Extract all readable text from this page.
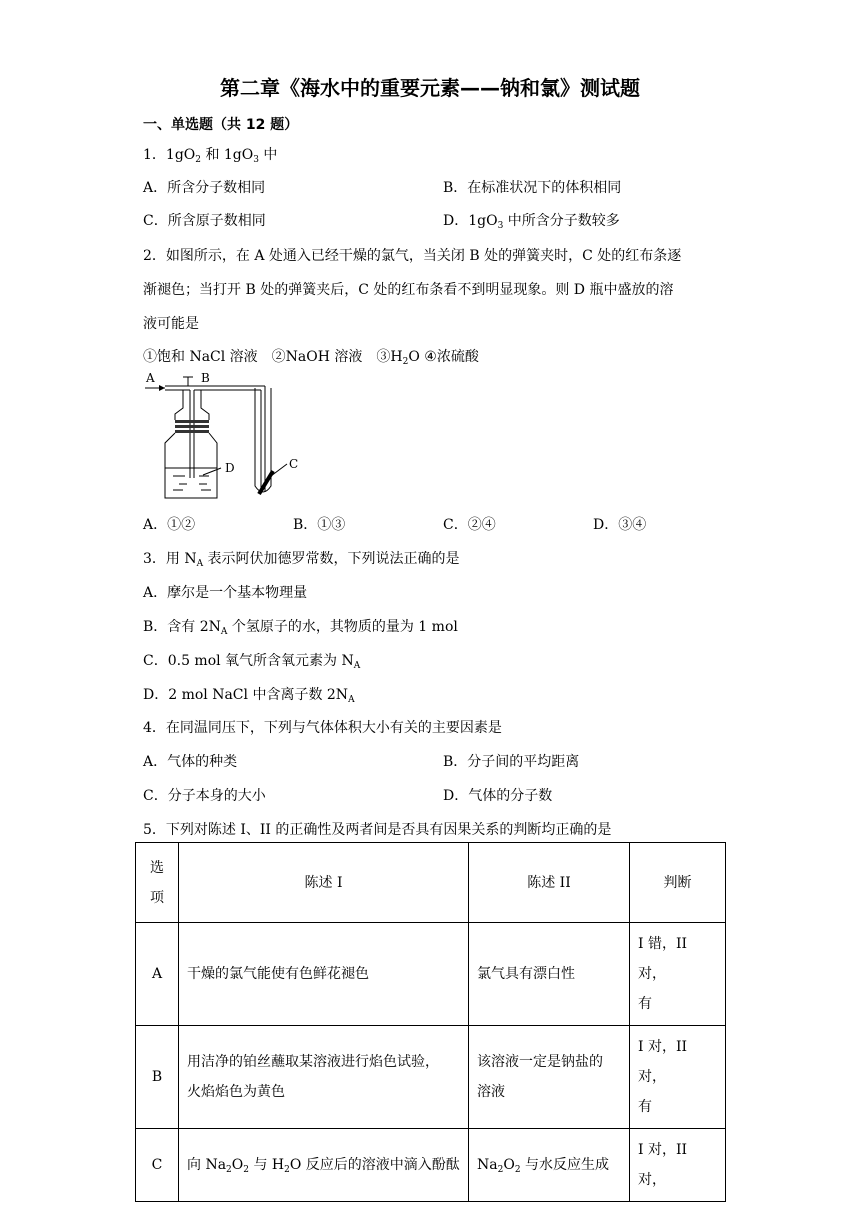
第二章《海水中的重要元素——钠和氯》测试题
一、单选题（共 12 题）
1．$1gO_2$ 和 $1gO_3$ 中
A．所含分子数相同	B．在标准状况下的体积相同
C．所含原子数相同	D．$1gO_3$ 中所含分子数较多
2．如图所示，在 A 处通入已经干燥的氯气，当关闭 B 处的弹簧夹时，C 处的红布条逐
渐褪色；当打开 B 处的弹簧夹后，C 处的红布条看不到明显现象。则 D 瓶中盛放的溶
液可能是
①饱和 NaCl 溶液　②NaOH 溶液　$③H_2O$ ④浓硫酸
A	B
D	C
A．①②	B．①③	C．②④	D．③④
3．用 $N_A$ 表示阿伏加德罗常数，下列说法正确的是
A．摩尔是一个基本物理量
B．含有 $2N_A$ 个氢原子的水，其物质的量为 1 mol
C．0.5 mol 氧气所含氧元素为 $N_A$
D．2 mol NaCl 中含离子数 $2N_A$
4．在同温同压下，下列与气体体积大小有关的主要因素是
A．气体的种类	B．分子间的平均距离
C．分子本身的大小	D．气体的分子数
5．下列对陈述 I、II 的正确性及两者间是否具有因果关系的判断均正确的是
选
项	陈述 I	陈述 II	判断
A	干燥的氯气能使有色鲜花褪色	氯气具有漂白性	I 错，II 对，
有
B	用洁净的铂丝蘸取某溶液进行焰色试验，
火焰焰色为黄色	该溶液一定是钠盐的
溶液	I 对，II 对，
有
C	向 $Na_2O_2$ 与 $H_2O$ 反应后的溶液中滴入酚酞	$Na_2O_2$ 与水反应生成	I 对，II 对，
